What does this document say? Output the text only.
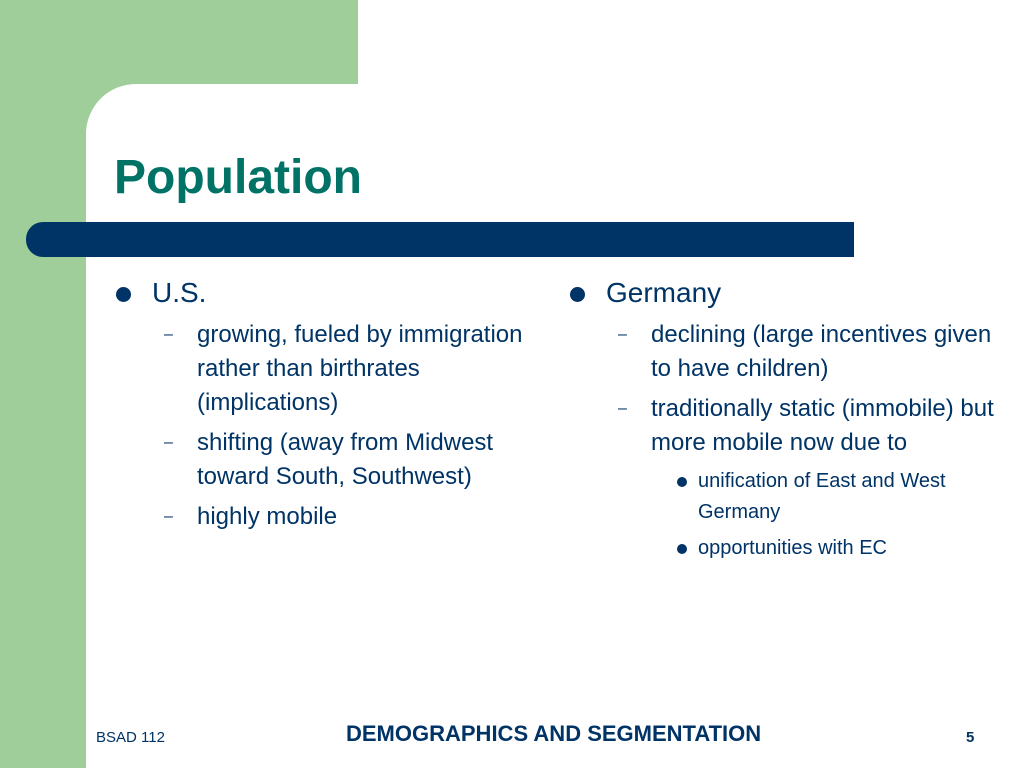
Population
U.S.
– growing, fueled by immigration rather than birthrates (implications)
– shifting (away from Midwest toward South, Southwest)
– highly mobile
Germany
– declining (large incentives given to have children)
– traditionally static (immobile) but more mobile now due to
unification of East and West Germany
opportunities with EC
BSAD 112	DEMOGRAPHICS AND SEGMENTATION	5
